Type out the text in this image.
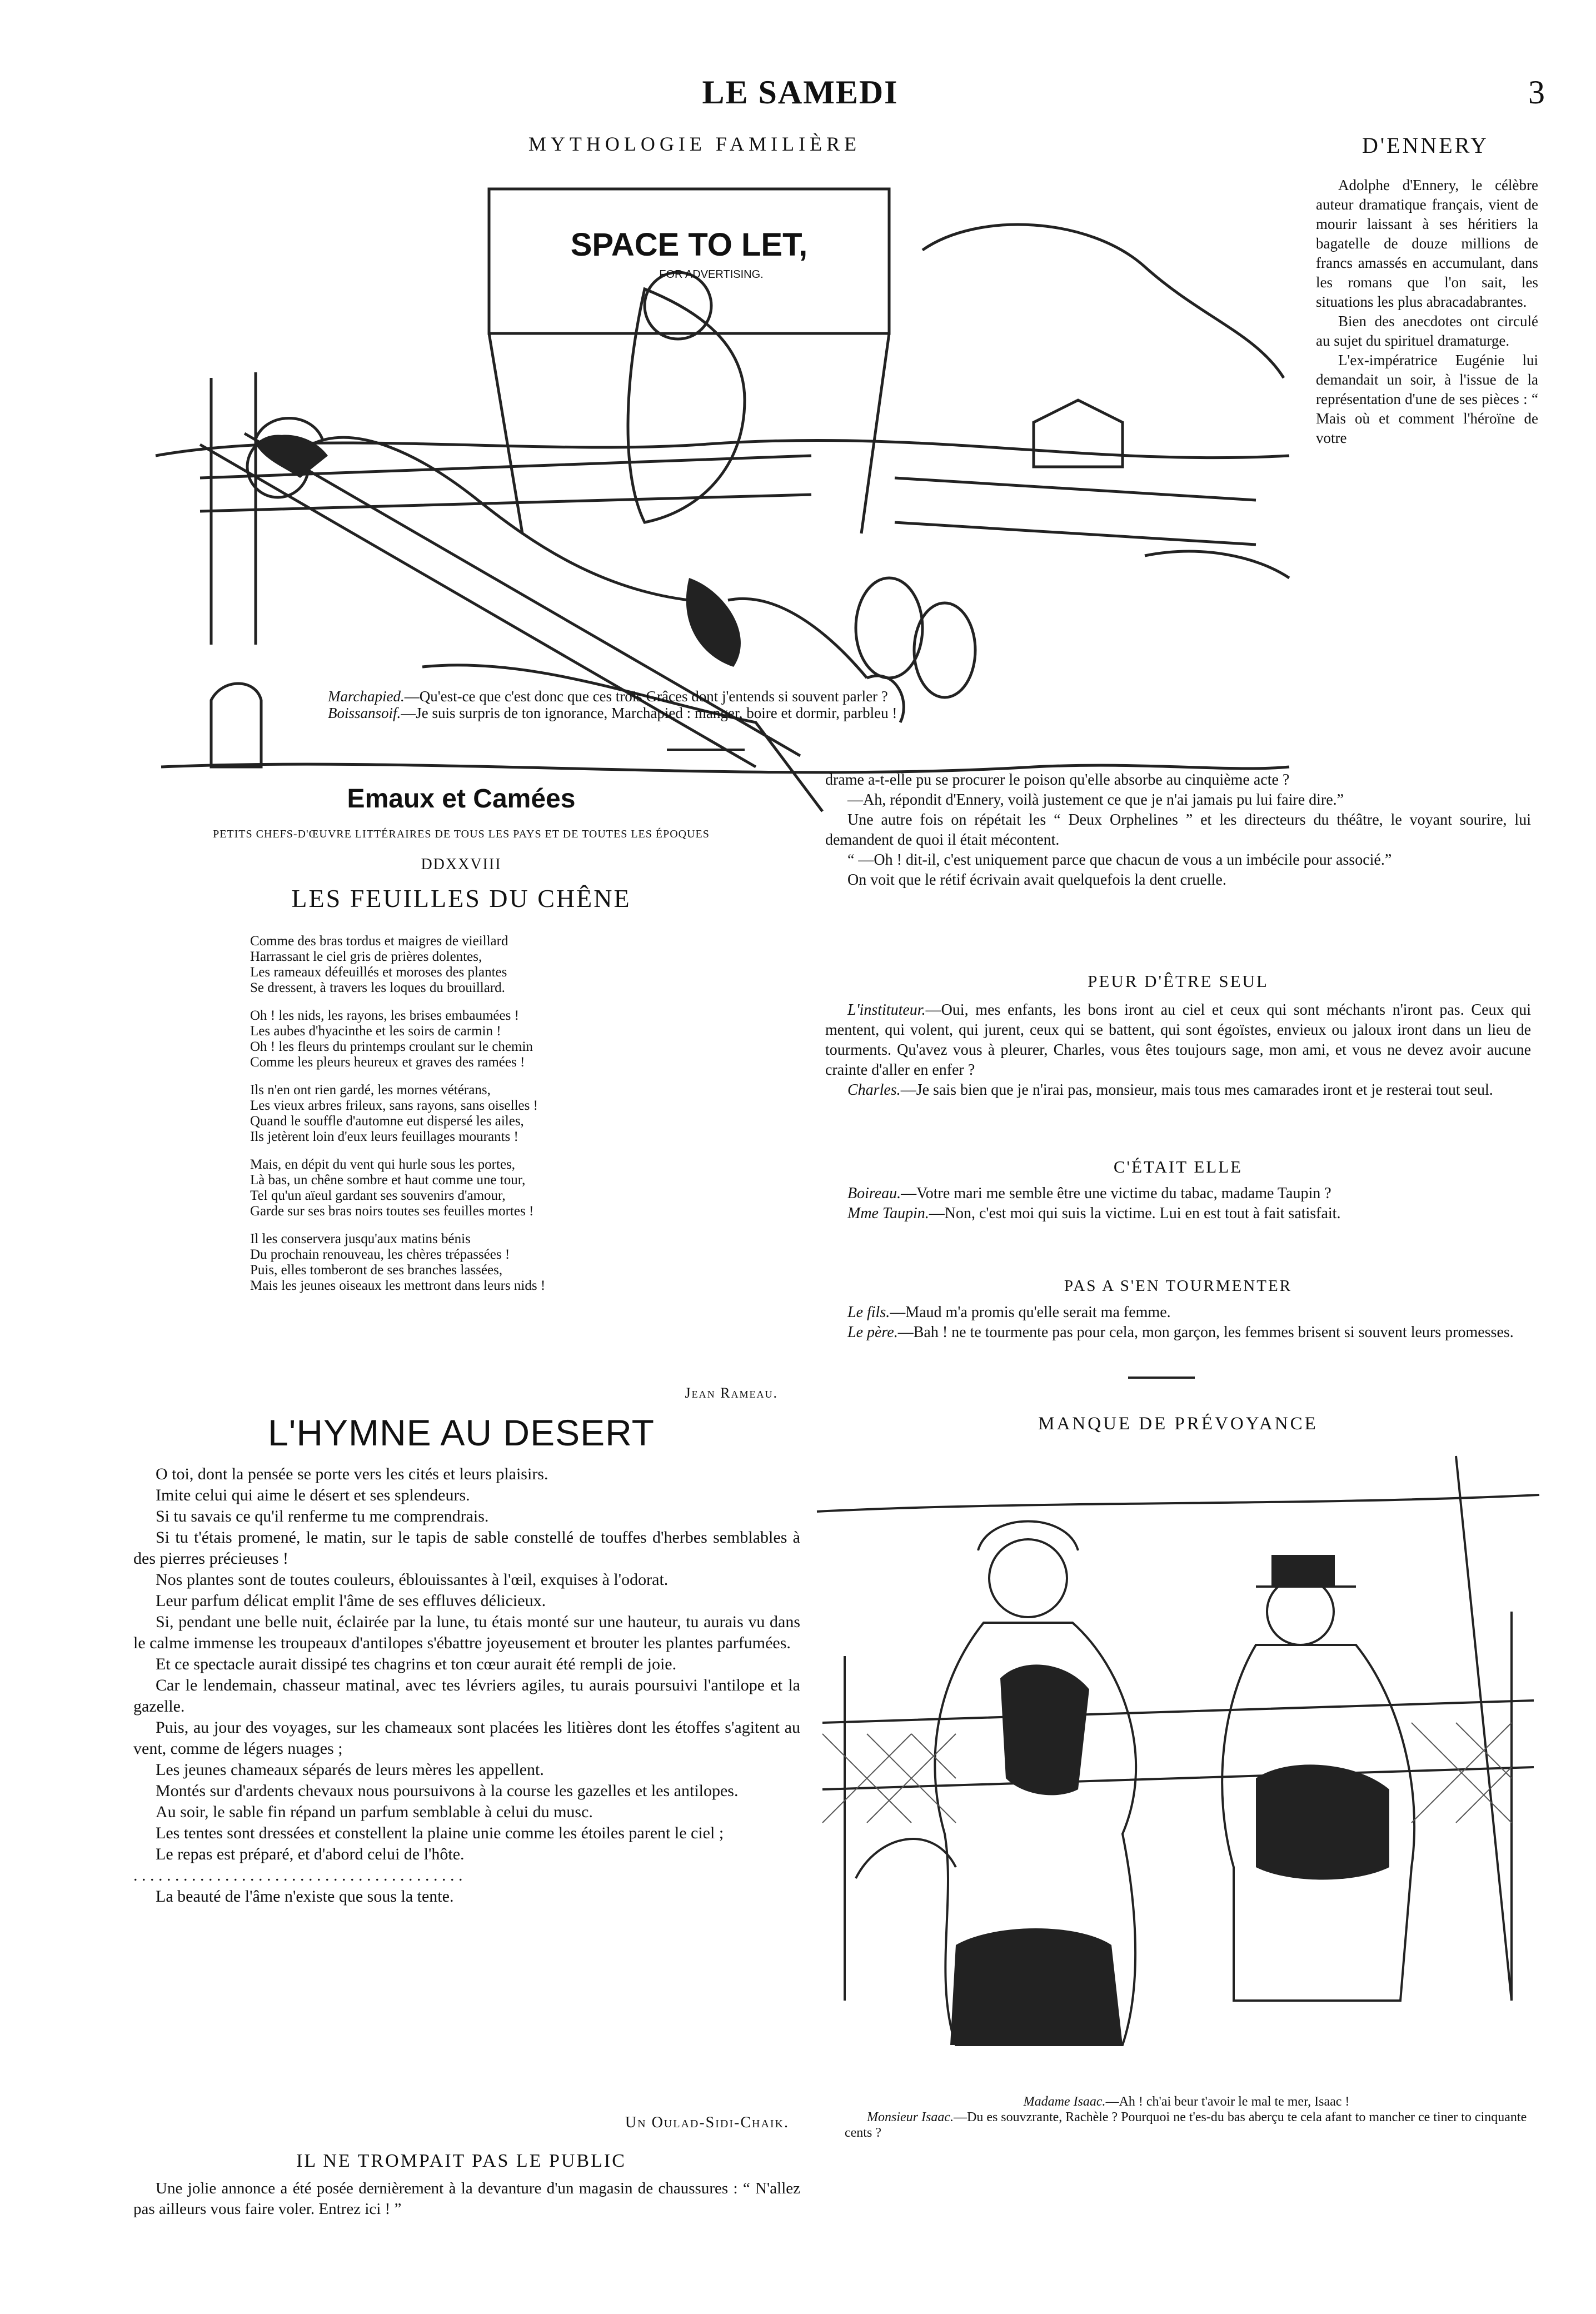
LE SAMEDI	3
MYTHOLOGIE FAMILIÈRE
SPACE TO LET,
FOR ADVERTISING.
Marchapied.—Qu'est-ce que c'est donc que ces trois Grâces dont j'entends si souvent parler ?
Boissansoif.—Je suis surpris de ton ignorance, Marchapied : manger, boire et dormir, parbleu !
D'ENNERY

Adolphe d'Ennery, le célèbre auteur dramatique français, vient de mourir laissant à ses héritiers la bagatelle de douze millions de francs amassés en accumulant, dans les romans que l'on sait, les situations les plus abracadabrantes.

Bien des anecdotes ont circulé au sujet du spirituel dramaturge.

L'ex-impératrice Eugénie lui demandait un soir, à l'issue de la représentation d'une de ses pièces : “ Mais où et comment l'héroïne de votre

drame a-t-elle pu se procurer le poison qu'elle absorbe au cinquième acte ?

—Ah, répondit d'Ennery, voilà justement ce que je n'ai jamais pu lui faire dire.”

Une autre fois on répétait les “ Deux Orphelines ” et les directeurs du théâtre, le voyant sourire, lui demandent de quoi il était mécontent.

“ —Oh ! dit-il, c'est uniquement parce que chacun de vous a un imbécile pour associé.”

On voit que le rétif écrivain avait quelquefois la dent cruelle.

PEUR D'ÊTRE SEUL

L'instituteur.—Oui, mes enfants, les bons iront au ciel et ceux qui sont méchants n'iront pas. Ceux qui mentent, qui volent, qui jurent, ceux qui se battent, qui sont égoïstes, envieux ou jaloux iront dans un lieu de tourments. Qu'avez vous à pleurer, Charles, vous êtes toujours sage, mon ami, et vous ne devez avoir aucune crainte d'aller en enfer ?

Charles.—Je sais bien que je n'irai pas, monsieur, mais tous mes camarades iront et je resterai tout seul.

C'ÉTAIT ELLE

Boireau.—Votre mari me semble être une victime du tabac, madame Taupin ?

Mme Taupin.—Non, c'est moi qui suis la victime. Lui en est tout à fait satisfait.

PAS A S'EN TOURMENTER

Le fils.—Maud m'a promis qu'elle serait ma femme.

Le père.—Bah ! ne te tourmente pas pour cela, mon garçon, les femmes brisent si souvent leurs promesses.

MANQUE DE PRÉVOYANCE
Madame Isaac.—Ah ! ch'ai beur t'avoir le mal te mer, Isaac !
Monsieur Isaac.—Du es souvzrante, Rachèle ? Pourquoi ne t'es-du bas aberçu te cela afant to mancher ce tiner to cinquante cents ?
Emaux et Camées
PETITS CHEFS-D'ŒUVRE LITTÉRAIRES DE TOUS LES PAYS ET DE TOUTES LES ÉPOQUES
DDXXVIII
LES FEUILLES DU CHÊNE
Comme des bras tordus et maigres de vieillard
Harrassant le ciel gris de prières dolentes,
Les rameaux défeuillés et moroses des plantes
Se dressent, à travers les loques du brouillard.
Oh ! les nids, les rayons, les brises embaumées !
Les aubes d'hyacinthe et les soirs de carmin !
Oh ! les fleurs du printemps croulant sur le chemin
Comme les pleurs heureux et graves des ramées !
Ils n'en ont rien gardé, les mornes vétérans,
Les vieux arbres frileux, sans rayons, sans oiselles !
Quand le souffle d'automne eut dispersé les ailes,
Ils jetèrent loin d'eux leurs feuillages mourants !
Mais, en dépit du vent qui hurle sous les portes,
Là bas, un chêne sombre et haut comme une tour,
Tel qu'un aïeul gardant ses souvenirs d'amour,
Garde sur ses bras noirs toutes ses feuilles mortes !
Il les conservera jusqu'aux matins bénis
Du prochain renouveau, les chères trépassées !
Puis, elles tomberont de ses branches lassées,
Mais les jeunes oiseaux les mettront dans leurs nids !
Jean Rameau.
L'HYMNE AU DESERT

O toi, dont la pensée se porte vers les cités et leurs plaisirs.

Imite celui qui aime le désert et ses splendeurs.

Si tu savais ce qu'il renferme tu me comprendrais.

Si tu t'étais promené, le matin, sur le tapis de sable constellé de touffes d'herbes semblables à des pierres précieuses !

Nos plantes sont de toutes couleurs, éblouissantes à l'œil, exquises à l'odorat.

Leur parfum délicat emplit l'âme de ses effluves délicieux.

Si, pendant une belle nuit, éclairée par la lune, tu étais monté sur une hauteur, tu aurais vu dans le calme immense les troupeaux d'antilopes s'ébattre joyeusement et brouter les plantes parfumées.

Et ce spectacle aurait dissipé tes chagrins et ton cœur aurait été rempli de joie.

Car le lendemain, chasseur matinal, avec tes lévriers agiles, tu aurais poursuivi l'antilope et la gazelle.

Puis, au jour des voyages, sur les chameaux sont placées les litières dont les étoffes s'agitent au vent, comme de légers nuages ;

Les jeunes chameaux séparés de leurs mères les appellent.

Montés sur d'ardents chevaux nous poursuivons à la course les gazelles et les antilopes.

Au soir, le sable fin répand un parfum semblable à celui du musc.

Les tentes sont dressées et constellent la plaine unie comme les étoiles parent le ciel ;

Le repas est préparé, et d'abord celui de l'hôte.

. . . . . . . . . . . . . . . . . . . . . . . . . . . . . . . . . . . . . . . .

La beauté de l'âme n'existe que sous la tente.

Un Oulad-Sidi-Chaik.
IL NE TROMPAIT PAS LE PUBLIC

Une jolie annonce a été posée dernièrement à la devanture d'un magasin de chaussures : “ N'allez pas ailleurs vous faire voler. Entrez ici ! ”
